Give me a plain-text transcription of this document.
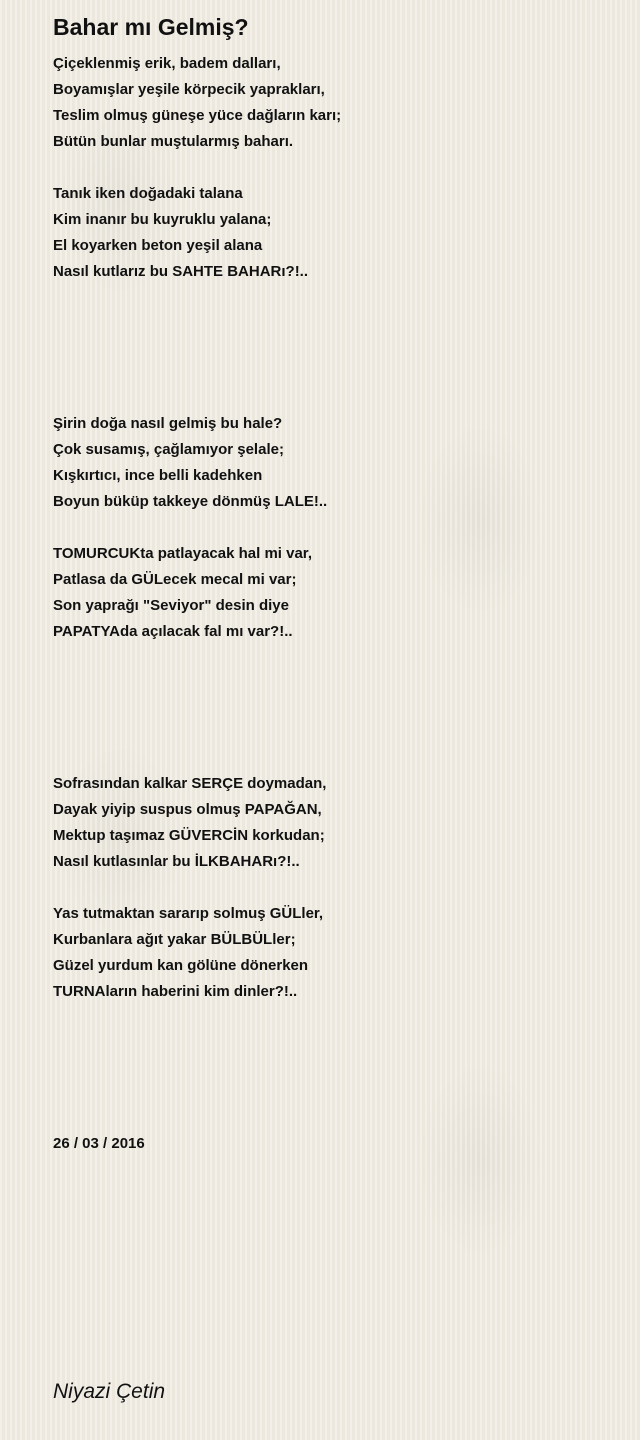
Bahar mı Gelmiş?
Çiçeklenmiş erik, badem dalları,
Boyamışlar yeşile körpecik yaprakları,
Teslim olmuş güneşe yüce dağların karı;
Bütün bunlar muştularmış baharı.
Tanık iken doğadaki talana
Kim inanır bu kuyruklu yalana;
El koyarken beton yeşil alana
Nasıl kutlarız bu SAHTE BAHARı?!..
Şirin doğa nasıl gelmiş bu hale?
Çok susamış, çağlamıyor şelale;
Kışkırtıcı, ince belli kadehken
Boyun büküp takkeye dönmüş LALE!..
TOMURCUKta patlayacak hal mi var,
Patlasa da GÜLecek mecal mi var;
Son yaprağı "Seviyor" desin diye
PAPATYAda açılacak fal mı var?!..
Sofrasından kalkar SERÇE doymadan,
Dayak yiyip suspus olmuş PAPAĞAN,
Mektup taşımaz GÜVERCİN korkudan;
Nasıl kutlasınlar bu İLKBAHARı?!..
Yas tutmaktan sararıp solmuş GÜLler,
Kurbanlara ağıt yakar BÜLBÜLler;
Güzel yurdum kan gölüne dönerken
TURNAların haberini kim dinler?!..
26 / 03 / 2016
Niyazi Çetin
